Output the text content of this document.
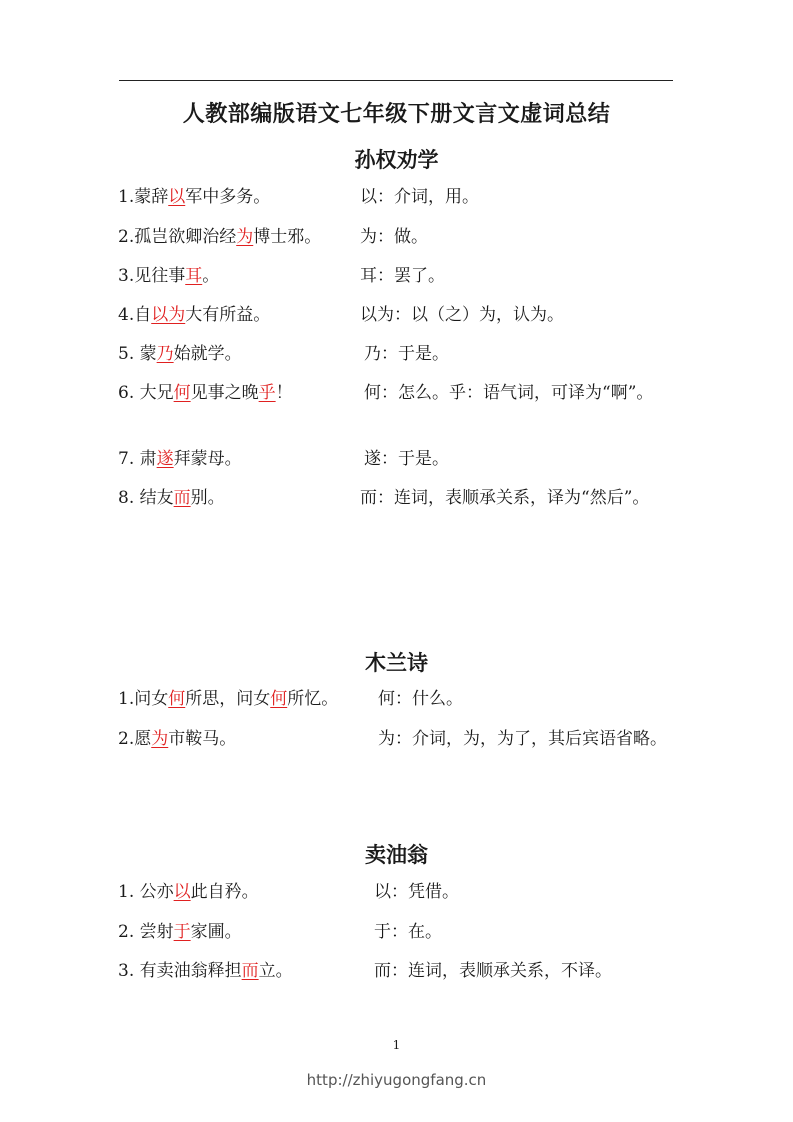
人教部编版语文七年级下册文言文虚词总结
孙权劝学
1.蒙辞以军中多务。	以：介词，用。
2.孤岂欲卿治经为博士邪。 为：做。
3.见往事耳。	耳：罢了。
4.自以为大有所益。	以为：以（之）为，认为。
5. 蒙乃始就学。	乃：于是。
6. 大兄何见事之晚乎！	何：怎么。乎：语气词，可译为“啊”。
7. 肃遂拜蒙母。	遂：于是。
8. 结友而别。	而：连词，表顺承关系，译为“然后”。
木兰诗
1.问女何所思，问女何所忆。 何：什么。
2.愿为市鞍马。	为：介词，为，为了，其后宾语省略。
卖油翁
1. 公亦以此自矜。	以：凭借。
2. 尝射于家圃。	于：在。
3. 有卖油翁释担而立。	而：连词，表顺承关系，不译。
1
http://zhiyugongfang.cn
